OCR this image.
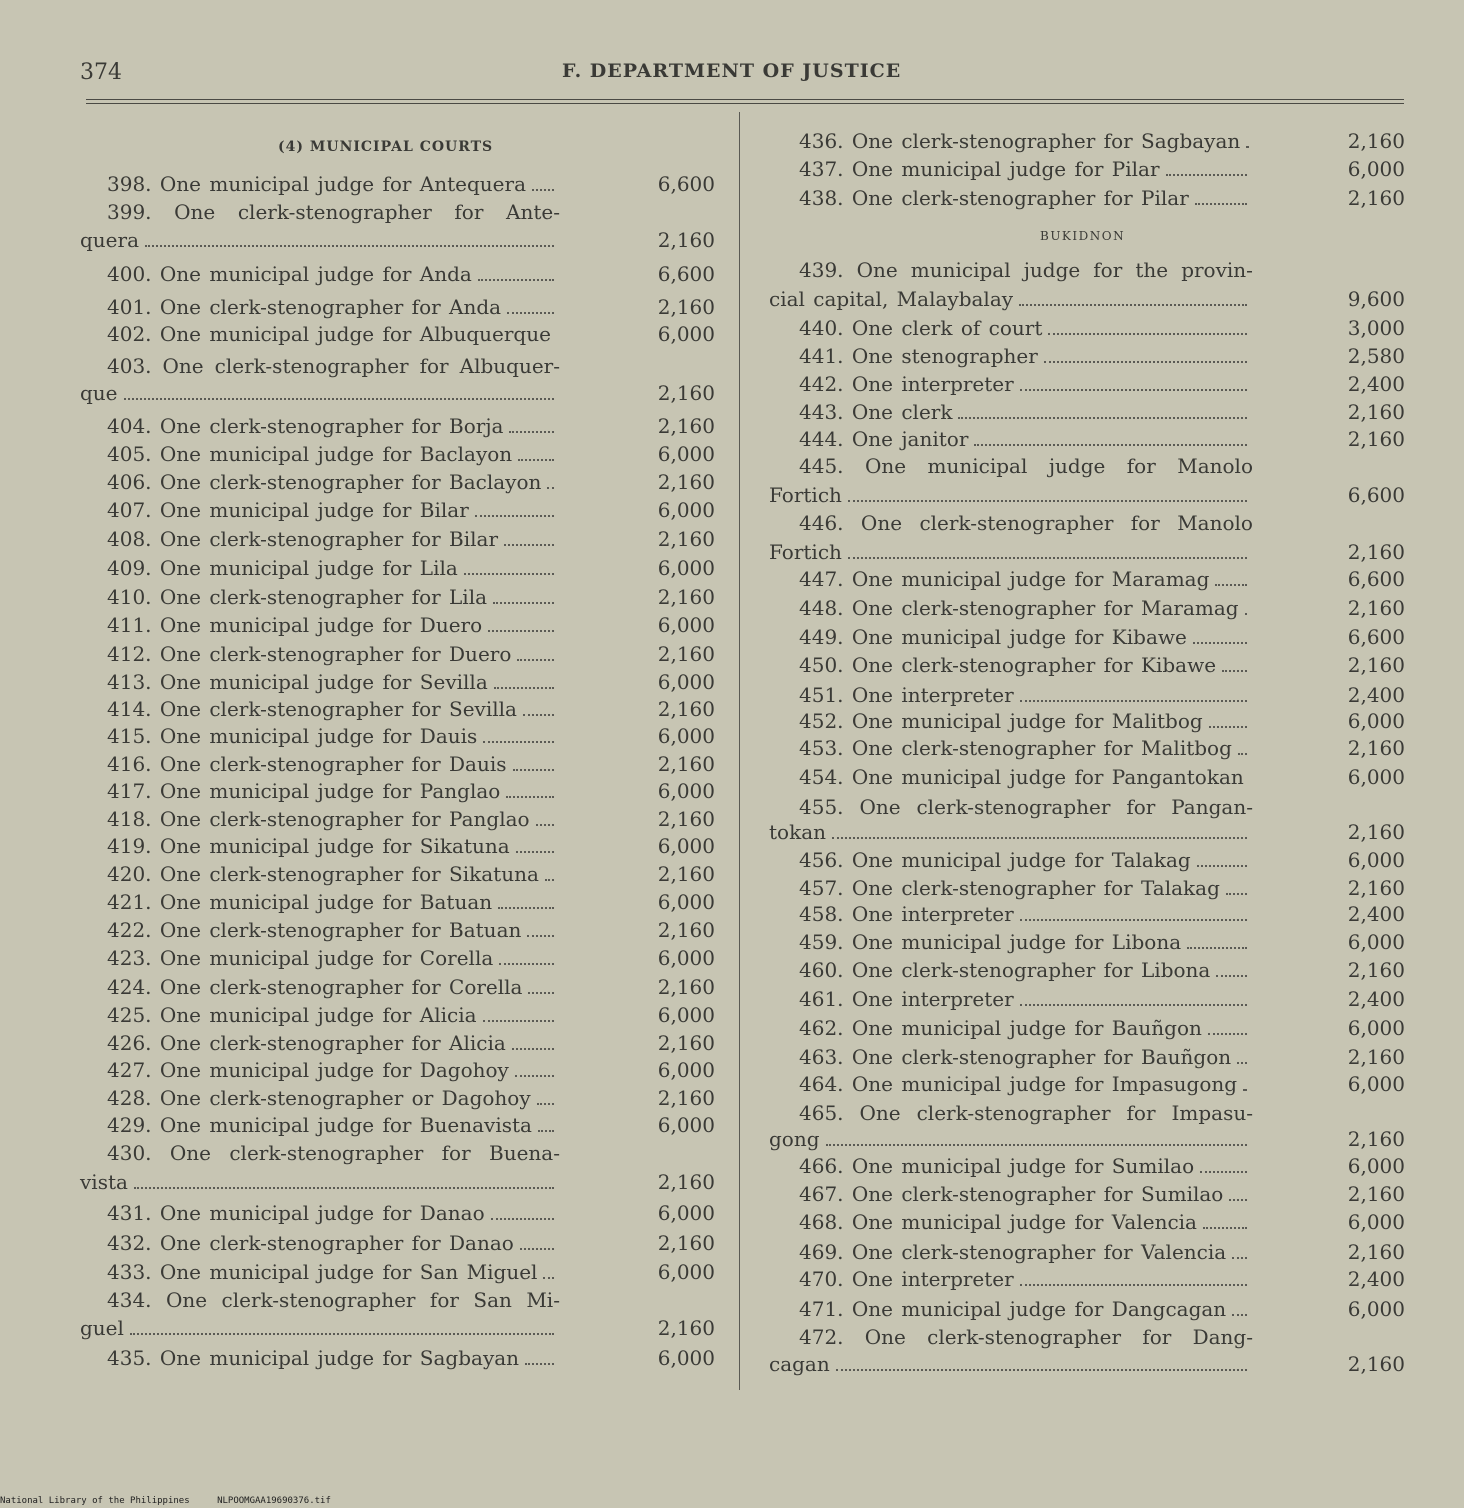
374	F. DEPARTMENT OF JUSTICE
(4) MUNICIPAL COURTS
BUKIDNON
398. One municipal judge for Antequera	6,600
399. One clerk-stenographer for Ante-
quera	2,160
400. One municipal judge for Anda	6,600
401. One clerk-stenographer for Anda	2,160
402. One municipal judge for Albuquerque	6,000
403. One clerk-stenographer for Albuquer-
que	2,160
404. One clerk-stenographer for Borja	2,160
405. One municipal judge for Baclayon	6,000
406. One clerk-stenographer for Baclayon	2,160
407. One municipal judge for Bilar	6,000
408. One clerk-stenographer for Bilar	2,160
409. One municipal judge for Lila	6,000
410. One clerk-stenographer for Lila	2,160
411. One municipal judge for Duero	6,000
412. One clerk-stenographer for Duero	2,160
413. One municipal judge for Sevilla	6,000
414. One clerk-stenographer for Sevilla	2,160
415. One municipal judge for Dauis	6,000
416. One clerk-stenographer for Dauis	2,160
417. One municipal judge for Panglao	6,000
418. One clerk-stenographer for Panglao	2,160
419. One municipal judge for Sikatuna	6,000
420. One clerk-stenographer for Sikatuna	2,160
421. One municipal judge for Batuan	6,000
422. One clerk-stenographer for Batuan	2,160
423. One municipal judge for Corella	6,000
424. One clerk-stenographer for Corella	2,160
425. One municipal judge for Alicia	6,000
426. One clerk-stenographer for Alicia	2,160
427. One municipal judge for Dagohoy	6,000
428. One clerk-stenographer or Dagohoy	2,160
429. One municipal judge for Buenavista	6,000
430. One clerk-stenographer for Buena-
vista	2,160
431. One municipal judge for Danao	6,000
432. One clerk-stenographer for Danao	2,160
433. One municipal judge for San Miguel	6,000
434. One clerk-stenographer for San Mi-
guel	2,160
435. One municipal judge for Sagbayan	6,000
436. One clerk-stenographer for Sagbayan	2,160
437. One municipal judge for Pilar	6,000
438. One clerk-stenographer for Pilar	2,160
439. One municipal judge for the provin-
cial capital, Malaybalay	9,600
440. One clerk of court	3,000
441. One stenographer	2,580
442. One interpreter	2,400
443. One clerk	2,160
444. One janitor	2,160
445. One municipal judge for Manolo
Fortich	6,600
446. One clerk-stenographer for Manolo
Fortich	2,160
447. One municipal judge for Maramag	6,600
448. One clerk-stenographer for Maramag	2,160
449. One municipal judge for Kibawe	6,600
450. One clerk-stenographer for Kibawe	2,160
451. One interpreter	2,400
452. One municipal judge for Malitbog	6,000
453. One clerk-stenographer for Malitbog	2,160
454. One municipal judge for Pangantokan	6,000
455. One clerk-stenographer for Pangan-
tokan	2,160
456. One municipal judge for Talakag	6,000
457. One clerk-stenographer for Talakag	2,160
458. One interpreter	2,400
459. One municipal judge for Libona	6,000
460. One clerk-stenographer for Libona	2,160
461. One interpreter	2,400
462. One municipal judge for Bauñgon	6,000
463. One clerk-stenographer for Bauñgon	2,160
464. One municipal judge for Impasugong	6,000
465. One clerk-stenographer for Impasu-
gong	2,160
466. One municipal judge for Sumilao	6,000
467. One clerk-stenographer for Sumilao	2,160
468. One municipal judge for Valencia	6,000
469. One clerk-stenographer for Valencia	2,160
470. One interpreter	2,400
471. One municipal judge for Dangcagan	6,000
472. One clerk-stenographer for Dang-
cagan	2,160
National Library of the Philippines	NLPOOMGAA19690376.tif
